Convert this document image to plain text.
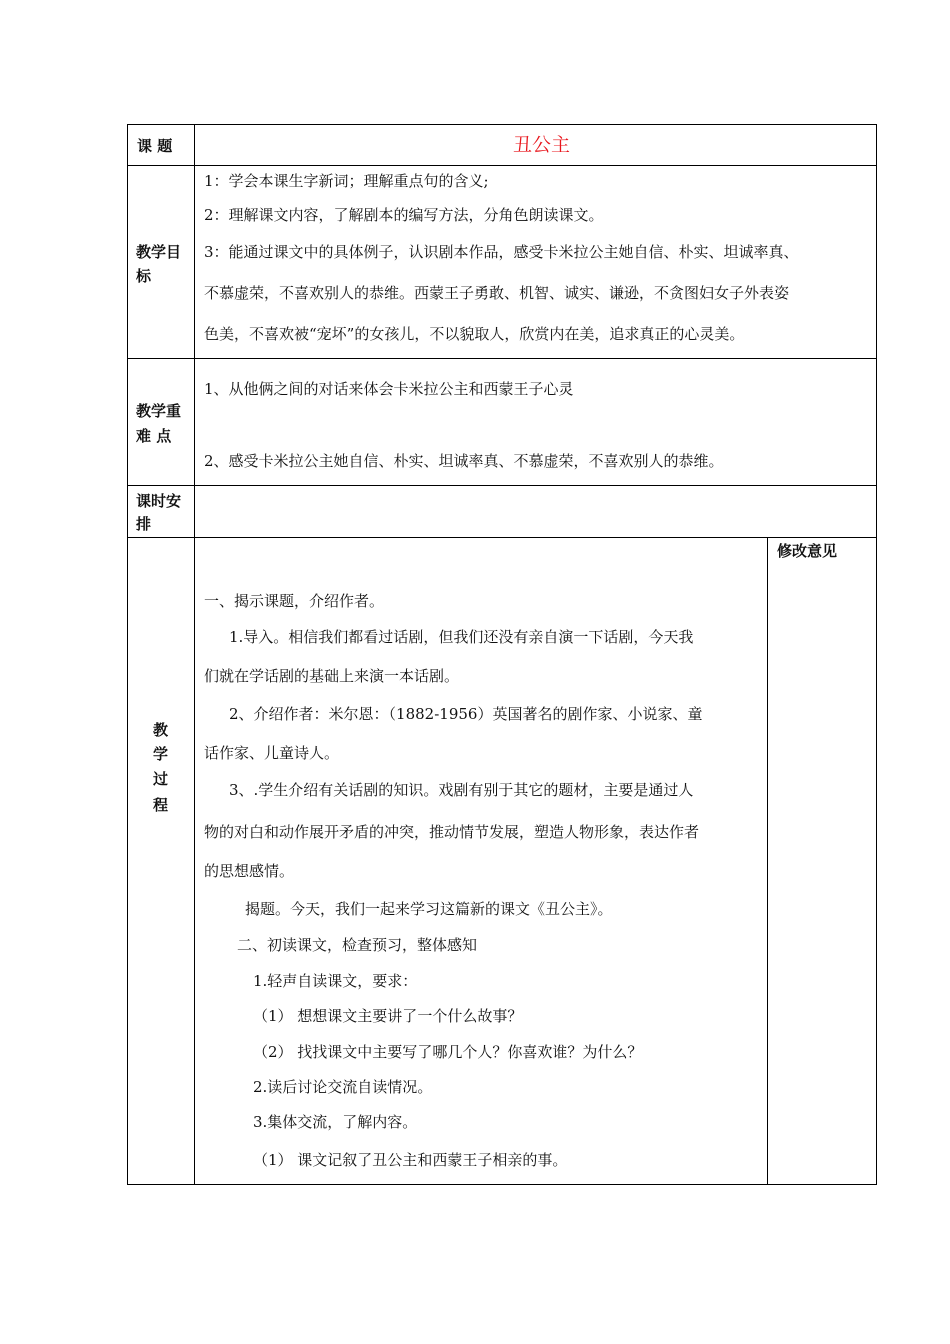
课 题	丑公主
教学目
标
1：学会本课生字新词；理解重点句的含义;
2：理解课文内容，了解剧本的编写方法，分角色朗读课文。
3：能通过课文中的具体例子，认识剧本作品，感受卡米拉公主她自信、朴实、坦诚率真、
不慕虚荣，不喜欢别人的恭维。西蒙王子勇敢、机智、诚实、谦逊，不贪图妇女子外表姿
色美，不喜欢被“宠坏”的女孩儿，不以貌取人，欣赏内在美，追求真正的心灵美。
教学重
难 点
1、从他俩之间的对话来体会卡米拉公主和西蒙王子心灵
2、感受卡米拉公主她自信、朴实、坦诚率真、不慕虚荣，不喜欢别人的恭维。
课时安
排
教
学
过
程
修改意见
一、揭示课题，介绍作者。
1.导入。相信我们都看过话剧，但我们还没有亲自演一下话剧，今天我
们就在学话剧的基础上来演一本话剧。
2、介绍作者：米尔恩：（1882-1956）英国著名的剧作家、小说家、童
话作家、儿童诗人。
3、.学生介绍有关话剧的知识。戏剧有别于其它的题材，主要是通过人
物的对白和动作展开矛盾的冲突，推动情节发展，塑造人物形象，表达作者
的思想感情。
揭题。今天，我们一起来学习这篇新的课文《丑公主》。
二、初读课文，检查预习，整体感知
1.轻声自读课文，要求：
（1） 想想课文主要讲了一个什么故事？
（2） 找找课文中主要写了哪几个人？你喜欢谁？为什么？
2.读后讨论交流自读情况。
3.集体交流，了解内容。
（1） 课文记叙了丑公主和西蒙王子相亲的事。
